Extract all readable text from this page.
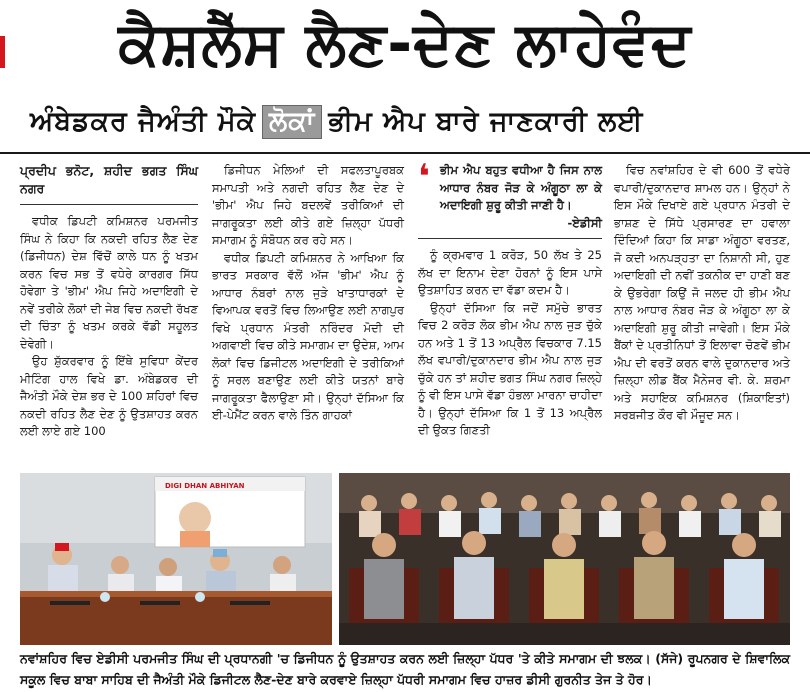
ਕੈਸ਼ਲੈੱਸ ਲੈਣ-ਦੇਣ ਲਾਹੇਵੰਦ
ਅੰਬੇਡਕਰ ਜੈਅੰਤੀ ਮੌਕੇ ਲੋਕਾਂ ਭੀਮ ਐਪ ਬਾਰੇ ਜਾਣਕਾਰੀ ਲਈ

ਪ੍ਰਦੀਪ ਭਨੋਟ, ਸ਼ਹੀਦ ਭਗਤ ਸਿੰਘ ਨਗਰ

ਵਧੀਕ ਡਿਪਟੀ ਕਮਿਸ਼ਨਰ ਪਰਮਜੀਤ ਸਿੰਘ ਨੇ ਕਿਹਾ ਕਿ ਨਕਦੀ ਰਹਿਤ ਲੈਣ ਦੇਣ (ਡਿਜੀਧਨ) ਦੇਸ਼ ਵਿੱਚੋਂ ਕਾਲੇ ਧਨ ਨੂੰ ਖਤਮ ਕਰਨ ਵਿਚ ਸਭ ਤੋਂ ਵਧੇਰੇ ਕਾਰਗਰ ਸਿੱਧ ਹੋਵੇਗਾ ਤੇ 'ਭੀਮ' ਐਪ ਜਿਹੇ ਅਦਾਇਗੀ ਦੇ ਨਵੇਂ ਤਰੀਕੇ ਲੋਕਾਂ ਦੀ ਜੇਬ ਵਿਚ ਨਕਦੀ ਰੱਖਣ ਦੀ ਚਿੰਤਾ ਨੂੰ ਖਤਮ ਕਰਕੇ ਵੱਡੀ ਸਹੂਲਤ ਦੇਵੇਗੀ।

ਉਹ ਸ਼ੁੱਕਰਵਾਰ ਨੂੰ ਇੱਥੇ ਸੁਵਿਧਾ ਕੇਂਦਰ ਮੀਟਿੰਗ ਹਾਲ ਵਿਖੇ ਡਾ. ਅੰਬੇਡਕਰ ਦੀ ਜੈਅੰਤੀ ਮੌਕੇ ਦੇਸ਼ ਭਰ ਦੇ 100 ਸ਼ਹਿਰਾਂ ਵਿਚ ਨਕਦੀ ਰਹਿਤ ਲੈਣ ਦੇਣ ਨੂੰ ਉਤਸ਼ਾਹਤ ਕਰਨ ਲਈ ਲਾਏ ਗਏ 100

ਡਿਜੀਧਨ ਮੇਲਿਆਂ ਦੀ ਸਫਲਤਾਪੂਰਬਕ ਸਮਾਪਤੀ ਅਤੇ ਨਗਦੀ ਰਹਿਤ ਲੈਣ ਦੇਣ ਦੇ 'ਭੀਮ' ਐਪ ਜਿਹੇ ਬਦਲਵੇਂ ਤਰੀਕਿਆਂ ਦੀ ਜਾਗਰੂਕਤਾ ਲਈ ਕੀਤੇ ਗਏ ਜ਼ਿਲ੍ਹਾ ਪੱਧਰੀ ਸਮਾਗਮ ਨੂੰ ਸੰਬੋਧਨ ਕਰ ਰਹੇ ਸਨ।

ਵਧੀਕ ਡਿਪਟੀ ਕਮਿਸ਼ਨਰ ਨੇ ਆਖਿਆ ਕਿ ਭਾਰਤ ਸਰਕਾਰ ਵੱਲੋਂ ਅੱਜ 'ਭੀਮ' ਐਪ ਨੂੰ ਆਧਾਰ ਨੰਬਰਾਂ ਨਾਲ ਜੁੜੇ ਖਾਤਾਧਾਰਕਾਂ ਦੇ ਵਿਆਪਕ ਵਰਤੋਂ ਵਿਚ ਲਿਆਉਣ ਲਈ ਨਾਗਪੁਰ ਵਿਖੇ ਪ੍ਰਧਾਨ ਮੰਤਰੀ ਨਰਿੰਦਰ ਮੋਦੀ ਦੀ ਅਗਵਾਈ ਵਿਚ ਕੀਤੇ ਸਮਾਗਮ ਦਾ ਉਦੇਸ਼, ਆਮ ਲੋਕਾਂ ਵਿਚ ਡਿਜੀਟਲ ਅਦਾਇਗੀ ਦੇ ਤਰੀਕਿਆਂ ਨੂੰ ਸਰਲ ਬਣਾਉਣ ਲਈ ਕੀਤੇ ਯਤਨਾਂ ਬਾਰੇ ਜਾਗਰੂਕਤਾ ਫੈਲਾਉਣਾ ਸੀ। ਉਨ੍ਹਾਂ ਦੱਸਿਆ ਕਿ ਈ-ਪੇਮੈਂਟ ਕਰਨ ਵਾਲੇ ਤਿੰਨ ਗਾਹਕਾਂ

❛ ਭੀਮ ਐਪ ਬਹੁਤ ਵਧੀਆ ਹੈ ਜਿਸ ਨਾਲ ਆਧਾਰ ਨੰਬਰ ਜੋੜ ਕੇ ਅੰਗੂਠਾ ਲਾ ਕੇ ਅਦਾਇਗੀ ਸ਼ੁਰੂ ਕੀਤੀ ਜਾਣੀ ਹੈ।
-ਏਡੀਸੀ

ਨੂੰ ਕ੍ਰਮਵਾਰ 1 ਕਰੋੜ, 50 ਲੱਖ ਤੇ 25 ਲੱਖ ਦਾ ਇਨਾਮ ਦੇਣਾ ਹੋਰਨਾਂ ਨੂੰ ਇਸ ਪਾਸੇ ਉਤਸ਼ਾਹਿਤ ਕਰਨ ਦਾ ਵੱਡਾ ਕਦਮ ਹੈ।

ਉਨ੍ਹਾਂ ਦੱਸਿਆ ਕਿ ਜਦੋਂ ਸਮੁੱਚੇ ਭਾਰਤ ਵਿਚ 2 ਕਰੋੜ ਲੋਕ ਭੀਮ ਐਪ ਨਾਲ ਜੁੜ ਚੁੱਕੇ ਹਨ ਅਤੇ 1 ਤੋਂ 13 ਅਪ੍ਰੈਲ ਵਿਚਕਾਰ 7.15 ਲੱਖ ਵਪਾਰੀ/ਦੁਕਾਨਦਾਰ ਭੀਮ ਐਪ ਨਾਲ ਜੁੜ ਚੁੱਕੇ ਹਨ ਤਾਂ ਸ਼ਹੀਦ ਭਗਤ ਸਿੰਘ ਨਗਰ ਜ਼ਿਲ੍ਹੇ ਨੂੰ ਵੀ ਇਸ ਪਾਸੇ ਵੱਡਾ ਹੰਭਲਾ ਮਾਰਨਾ ਚਾਹੀਦਾ ਹੈ। ਉਨ੍ਹਾਂ ਦੱਸਿਆ ਕਿ 1 ਤੋਂ 13 ਅਪ੍ਰੈਲ ਦੀ ਉਕਤ ਗਿਣਤੀ

ਵਿਚ ਨਵਾਂਸ਼ਹਿਰ ਦੇ ਵੀ 600 ਤੋਂ ਵਧੇਰੇ ਵਪਾਰੀ/ਦੁਕਾਨਦਾਰ ਸ਼ਾਮਲ ਹਨ। ਉਨ੍ਹਾਂ ਨੇ ਇਸ ਮੌਕੇ ਦਿਖਾਏ ਗਏ ਪ੍ਰਧਾਨ ਮੰਤਰੀ ਦੇ ਭਾਸ਼ਣ ਦੇ ਸਿੱਧੇ ਪ੍ਰਸਾਰਣ ਦਾ ਹਵਾਲਾ ਦਿੰਦਿਆਂ ਕਿਹਾ ਕਿ ਸਾਡਾ ਅੰਗੂਠਾ ਵਰਤਣ, ਜੋ ਕਦੀ ਅਨਪੜ੍ਹਤਾ ਦਾ ਨਿਸ਼ਾਨੀ ਸੀ, ਹੁਣ ਅਦਾਇਗੀ ਦੀ ਨਵੀਂ ਤਕਨੀਕ ਦਾ ਹਾਣੀ ਬਣ ਕੇ ਉਭਰੇਗਾ ਕਿਉਂ ਜੋ ਜਲਦ ਹੀ ਭੀਮ ਐਪ ਨਾਲ ਆਧਾਰ ਨੰਬਰ ਜੋੜ ਕੇ ਅੰਗੂਠਾ ਲਾ ਕੇ ਅਦਾਇਗੀ ਸ਼ੁਰੂ ਕੀਤੀ ਜਾਵੇਗੀ। ਇਸ ਮੌਕੇ ਬੈਂਕਾਂ ਦੇ ਪ੍ਰਤੀਨਿਧਾਂ ਤੋਂ ਇਲਾਵਾ ਚੋਣਵੇਂ ਭੀਮ ਐਪ ਦੀ ਵਰਤੋਂ ਕਰਨ ਵਾਲੇ ਦੁਕਾਨਦਾਰ ਅਤੇ ਜ਼ਿਲ੍ਹਾ ਲੀਡ ਬੈਂਕ ਮੈਨੇਜਰ ਵੀ. ਕੇ. ਸ਼ਰਮਾ ਅਤੇ ਸਹਾਇਕ ਕਮਿਸ਼ਨਰ (ਸ਼ਿਕਾਇਤਾਂ) ਸਰਬਜੀਤ ਕੌਰ ਵੀ ਮੌਜੂਦ ਸਨ।

DIGI DHAN ABHIYAN

ਨਵਾਂਸ਼ਹਿਰ ਵਿਚ ਏਡੀਸੀ ਪਰਮਜੀਤ ਸਿੰਘ ਦੀ ਪ੍ਰਧਾਨਗੀ 'ਚ ਡਿਜੀਧਨ ਨੂੰ ਉਤਸ਼ਾਹਤ ਕਰਨ ਲਈ ਜ਼ਿਲ੍ਹਾ ਪੱਧਰ 'ਤੇ ਕੀਤੇ ਸਮਾਗਮ ਦੀ ਝਲਕ। (ਸੱਜੇ) ਰੂਪਨਗਰ ਦੇ ਸ਼ਿਵਾਲਿਕ ਸਕੂਲ ਵਿਚ ਬਾਬਾ ਸਾਹਿਬ ਦੀ ਜੈਅੰਤੀ ਮੌਕੇ ਡਿਜੀਟਲ ਲੈਣ-ਦੇਣ ਬਾਰੇ ਕਰਵਾਏ ਜ਼ਿਲ੍ਹਾ ਪੱਧਰੀ ਸਮਾਗਮ ਵਿਚ ਹਾਜ਼ਰ ਡੀਸੀ ਗੁਰਨੀਤ ਤੇਜ ਤੇ ਹੋਰ।
